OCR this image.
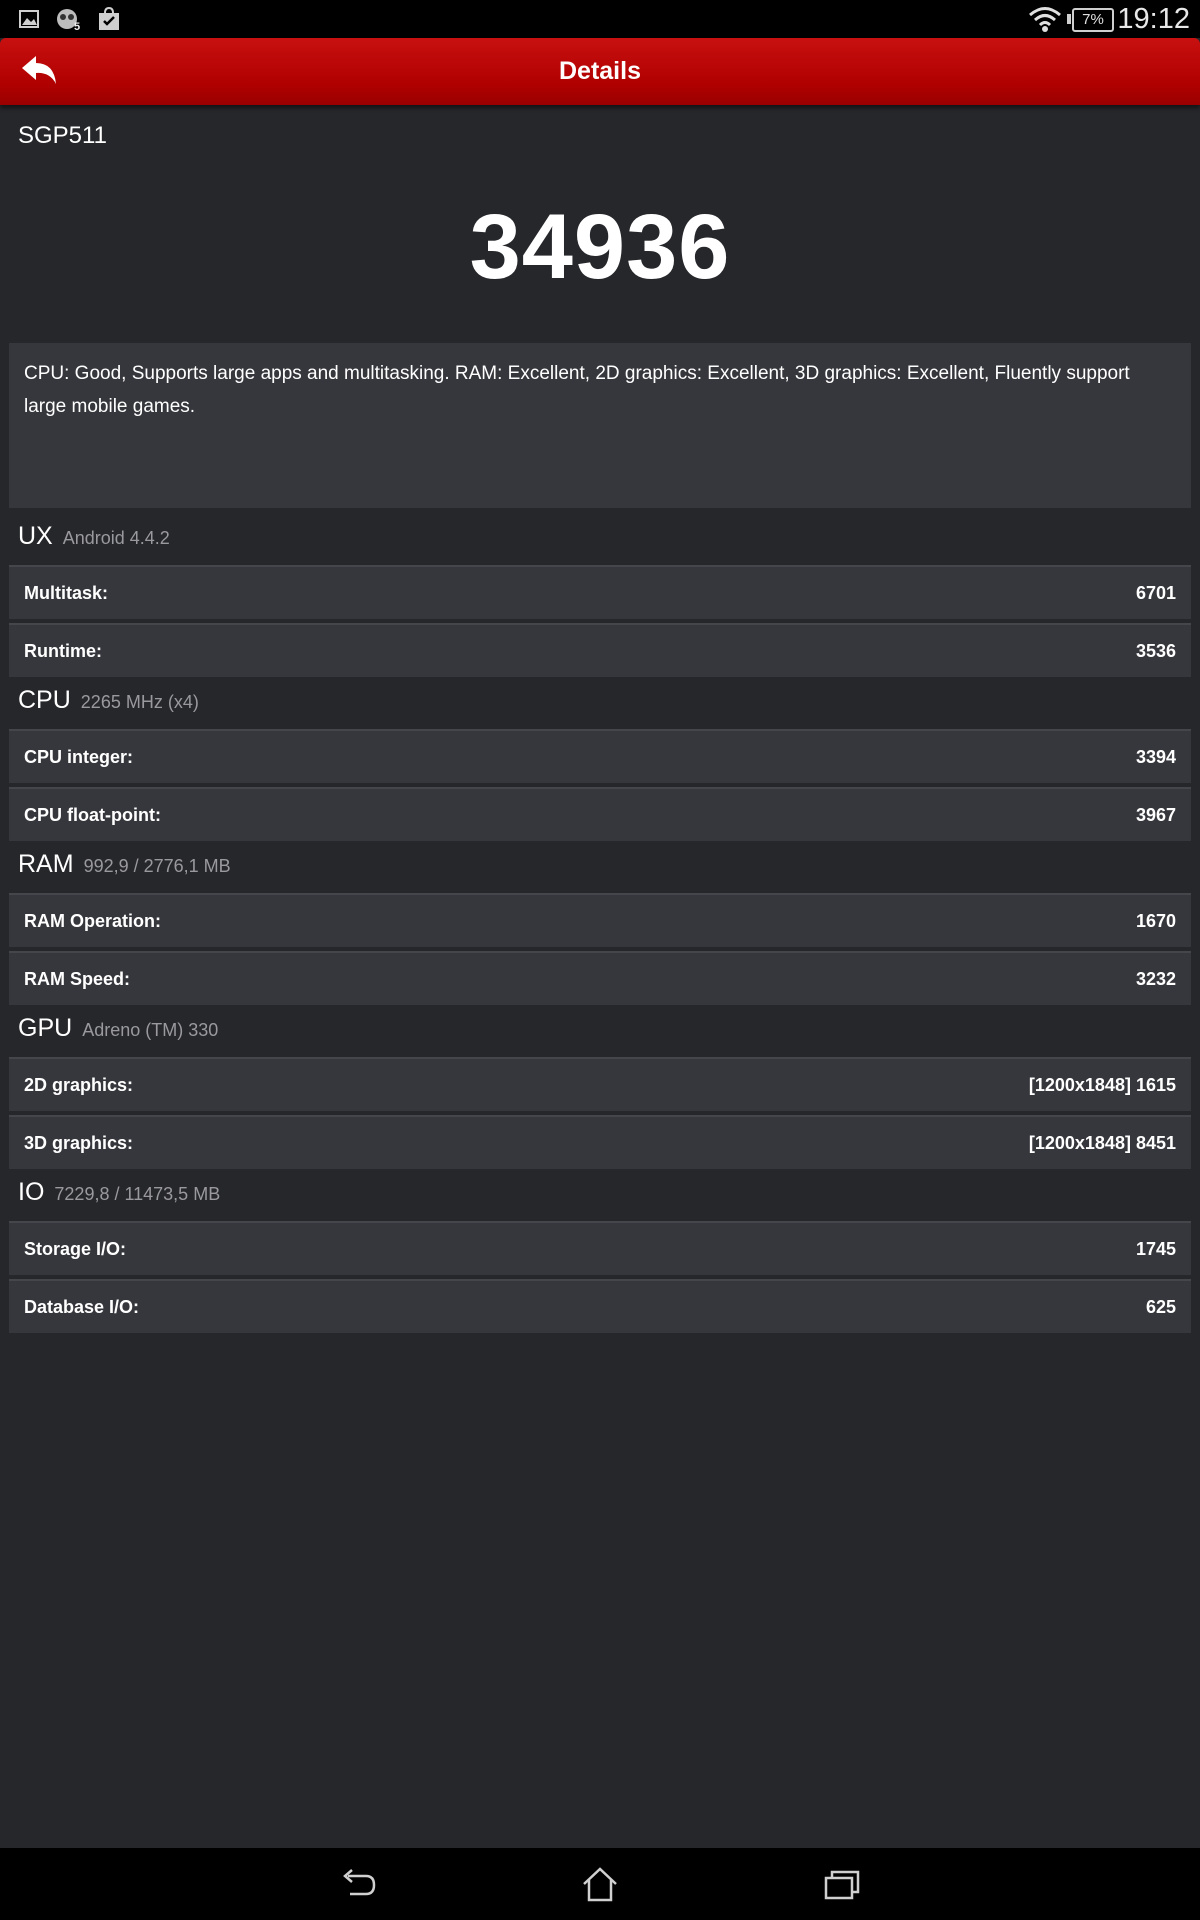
5	7% 19:12
Details
SGP511
34936
CPU: Good, Supports large apps and multitasking. RAM: Excellent, 2D graphics: Excellent, 3D graphics: Excellent, Fluently support large mobile games.
UX Android 4.4.2
Multitask:	6701
Runtime:	3536
CPU 2265 MHz (x4)
CPU integer:	3394
CPU float-point:	3967
RAM 992,9 / 2776,1 MB
RAM Operation:	1670
RAM Speed:	3232
GPU Adreno (TM) 330
2D graphics:	[1200x1848] 1615
3D graphics:	[1200x1848] 8451
IO 7229,8 / 11473,5 MB
Storage I/O:	1745
Database I/O:	625
